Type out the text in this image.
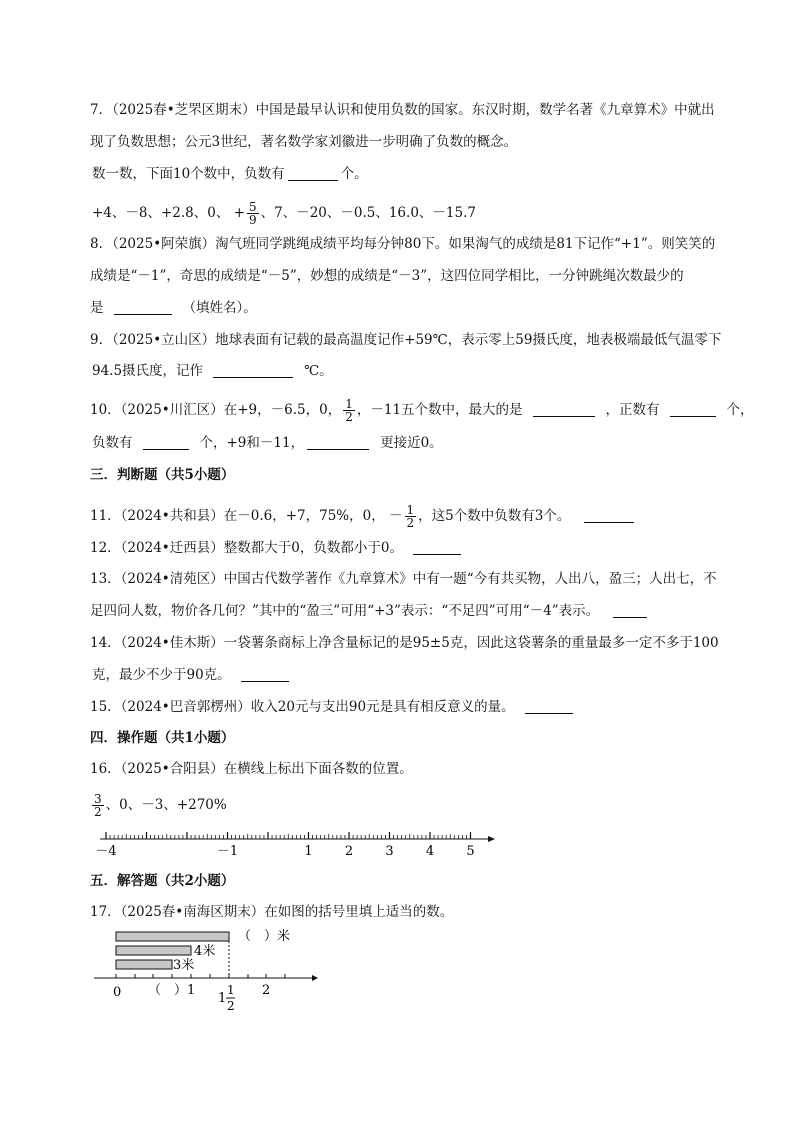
7．（2025春•芝罘区期末）中国是最早认识和使用负数的国家。东汉时期，数学名著《九章算术》中就出
现了负数思想；公元3世纪，著名数学家刘徽进一步明确了负数的概念。
数一数，下面10个数中，负数有	个。
+4、－8、+2.8、0、 + $\frac{5}{9}$ 、7、－20、－0.5、16.0、－15.7
8．（2025•阿荣旗）淘气班同学跳绳成绩平均每分钟80下。如果淘气的成绩是81下记作“+1”。则笑笑的
成绩是“－1”，奇思的成绩是“－5”，妙想的成绩是“－3”，这四位同学相比，一分钟跳绳次数最少的
是	（填姓名）。
9．（2025•立山区）地球表面有记载的最高温度记作+59℃，表示零上59摄氏度，地表极端最低气温零下
94.5摄氏度，记作	℃。
10．（2025•川汇区）在+9，－6.5，0， $\frac{1}{2}$ ，－11五个数中，最大的是	，正数有	个，
负数有	个，+9和－11，	更接近0。
三．判断题（共5小题）
11．（2024•共和县）在－0.6，+7，75%，0， － $\frac{1}{2}$ ，这5个数中负数有3个。
12．（2024•迁西县）整数都大于0，负数都小于0。
13．（2024•清苑区）中国古代数学著作《九章算术》中有一题“今有共买物，人出八，盈三；人出七，不
足四问人数，物价各几何？”其中的“盈三”可用“+3”表示：“不足四”可用“－4”表示。
14．（2024•佳木斯）一袋薯条商标上净含量标记的是95±5克，因此这袋薯条的重量最多一定不多于100
克，最少不少于90克。
15．（2024•巴音郭楞州）收入20元与支出90元是具有相反意义的量。
四．操作题（共1小题）
16．（2025•合阳县）在横线上标出下面各数的位置。
$\frac{3}{2}$ 、0、－3、+270%
－4	－1	1 2 3 4 5
五．解答题（共2小题）
17．（2025春•南海区期末）在如图的括号里填上适当的数。
（　）米
4米
3米
0 （　） 1
1
1
2
2
